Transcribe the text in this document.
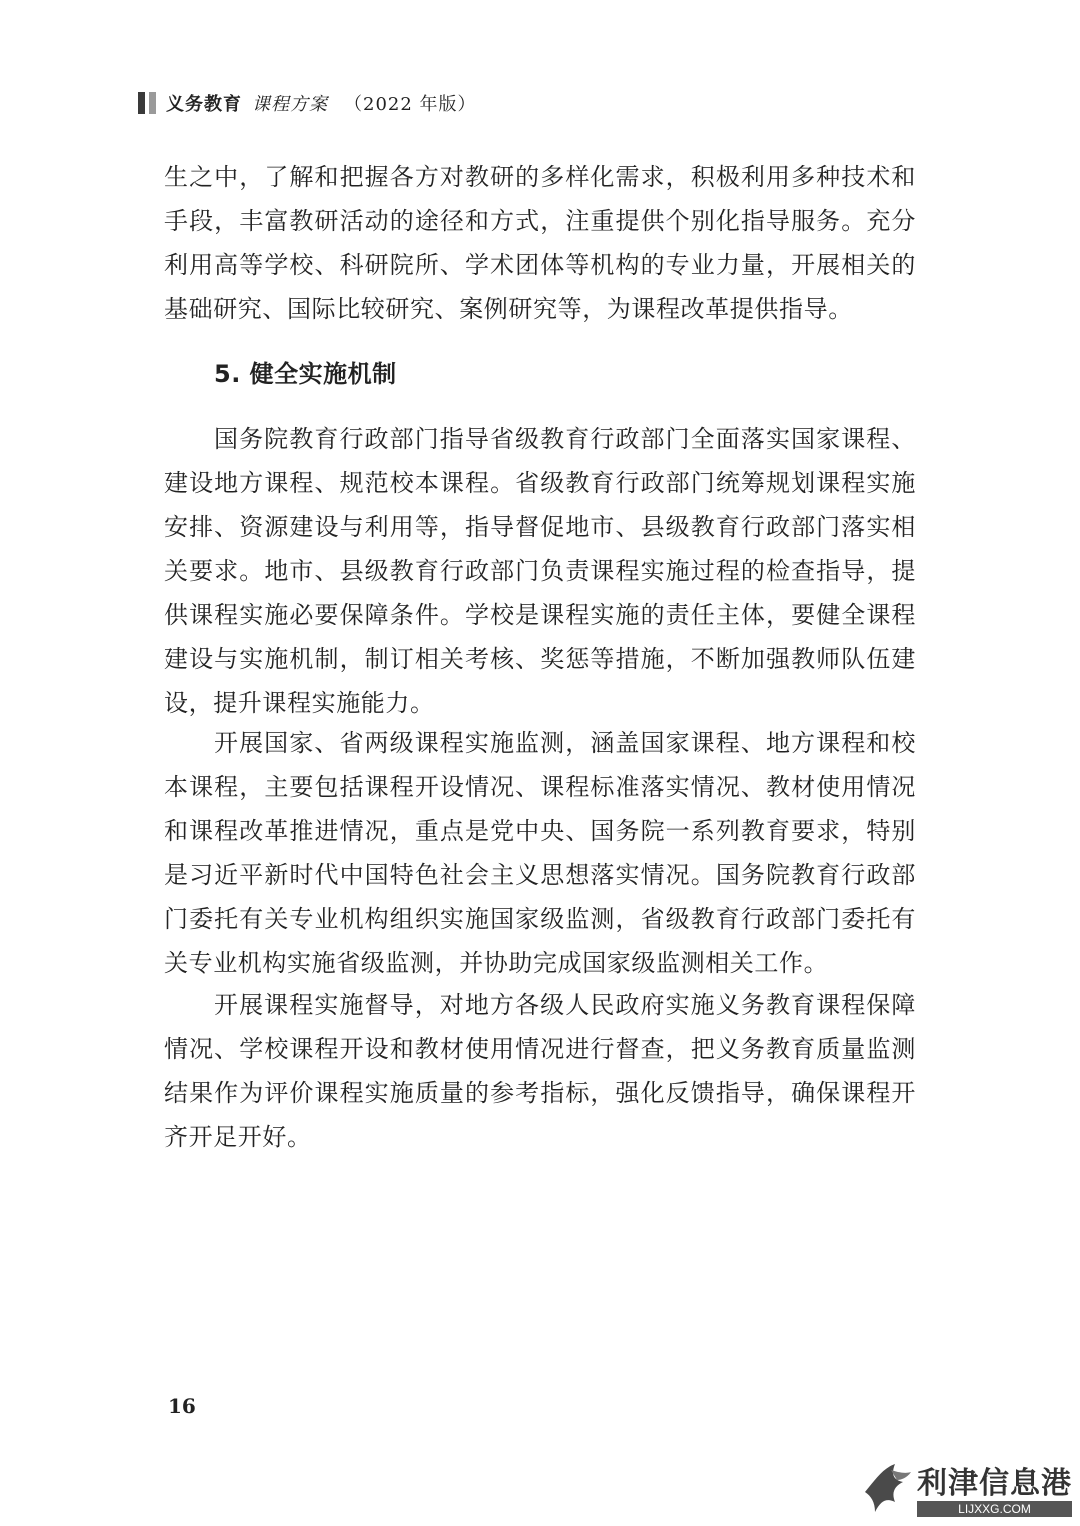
义务教育 课程方案 （2022 年版）

生之中，了解和把握各方对教研的多样化需求，积极利用多种技术和手段，丰富教研活动的途径和方式，注重提供个别化指导服务。充分利用高等学校、科研院所、学术团体等机构的专业力量，开展相关的基础研究、国际比较研究、案例研究等，为课程改革提供指导。

5. 健全实施机制

国务院教育行政部门指导省级教育行政部门全面落实国家课程、建设地方课程、规范校本课程。省级教育行政部门统筹规划课程实施安排、资源建设与利用等，指导督促地市、县级教育行政部门落实相关要求。地市、县级教育行政部门负责课程实施过程的检查指导，提供课程实施必要保障条件。学校是课程实施的责任主体，要健全课程建设与实施机制，制订相关考核、奖惩等措施，不断加强教师队伍建设，提升课程实施能力。

开展国家、省两级课程实施监测，涵盖国家课程、地方课程和校本课程，主要包括课程开设情况、课程标准落实情况、教材使用情况和课程改革推进情况，重点是党中央、国务院一系列教育要求，特别是习近平新时代中国特色社会主义思想落实情况。国务院教育行政部门委托有关专业机构组织实施国家级监测，省级教育行政部门委托有关专业机构实施省级监测，并协助完成国家级监测相关工作。

开展课程实施督导，对地方各级人民政府实施义务教育课程保障情况、学校课程开设和教材使用情况进行督查，把义务教育质量监测结果作为评价课程实施质量的参考指标，强化反馈指导，确保课程开齐开足开好。

16
利津信息港
LIJXXG.COM
